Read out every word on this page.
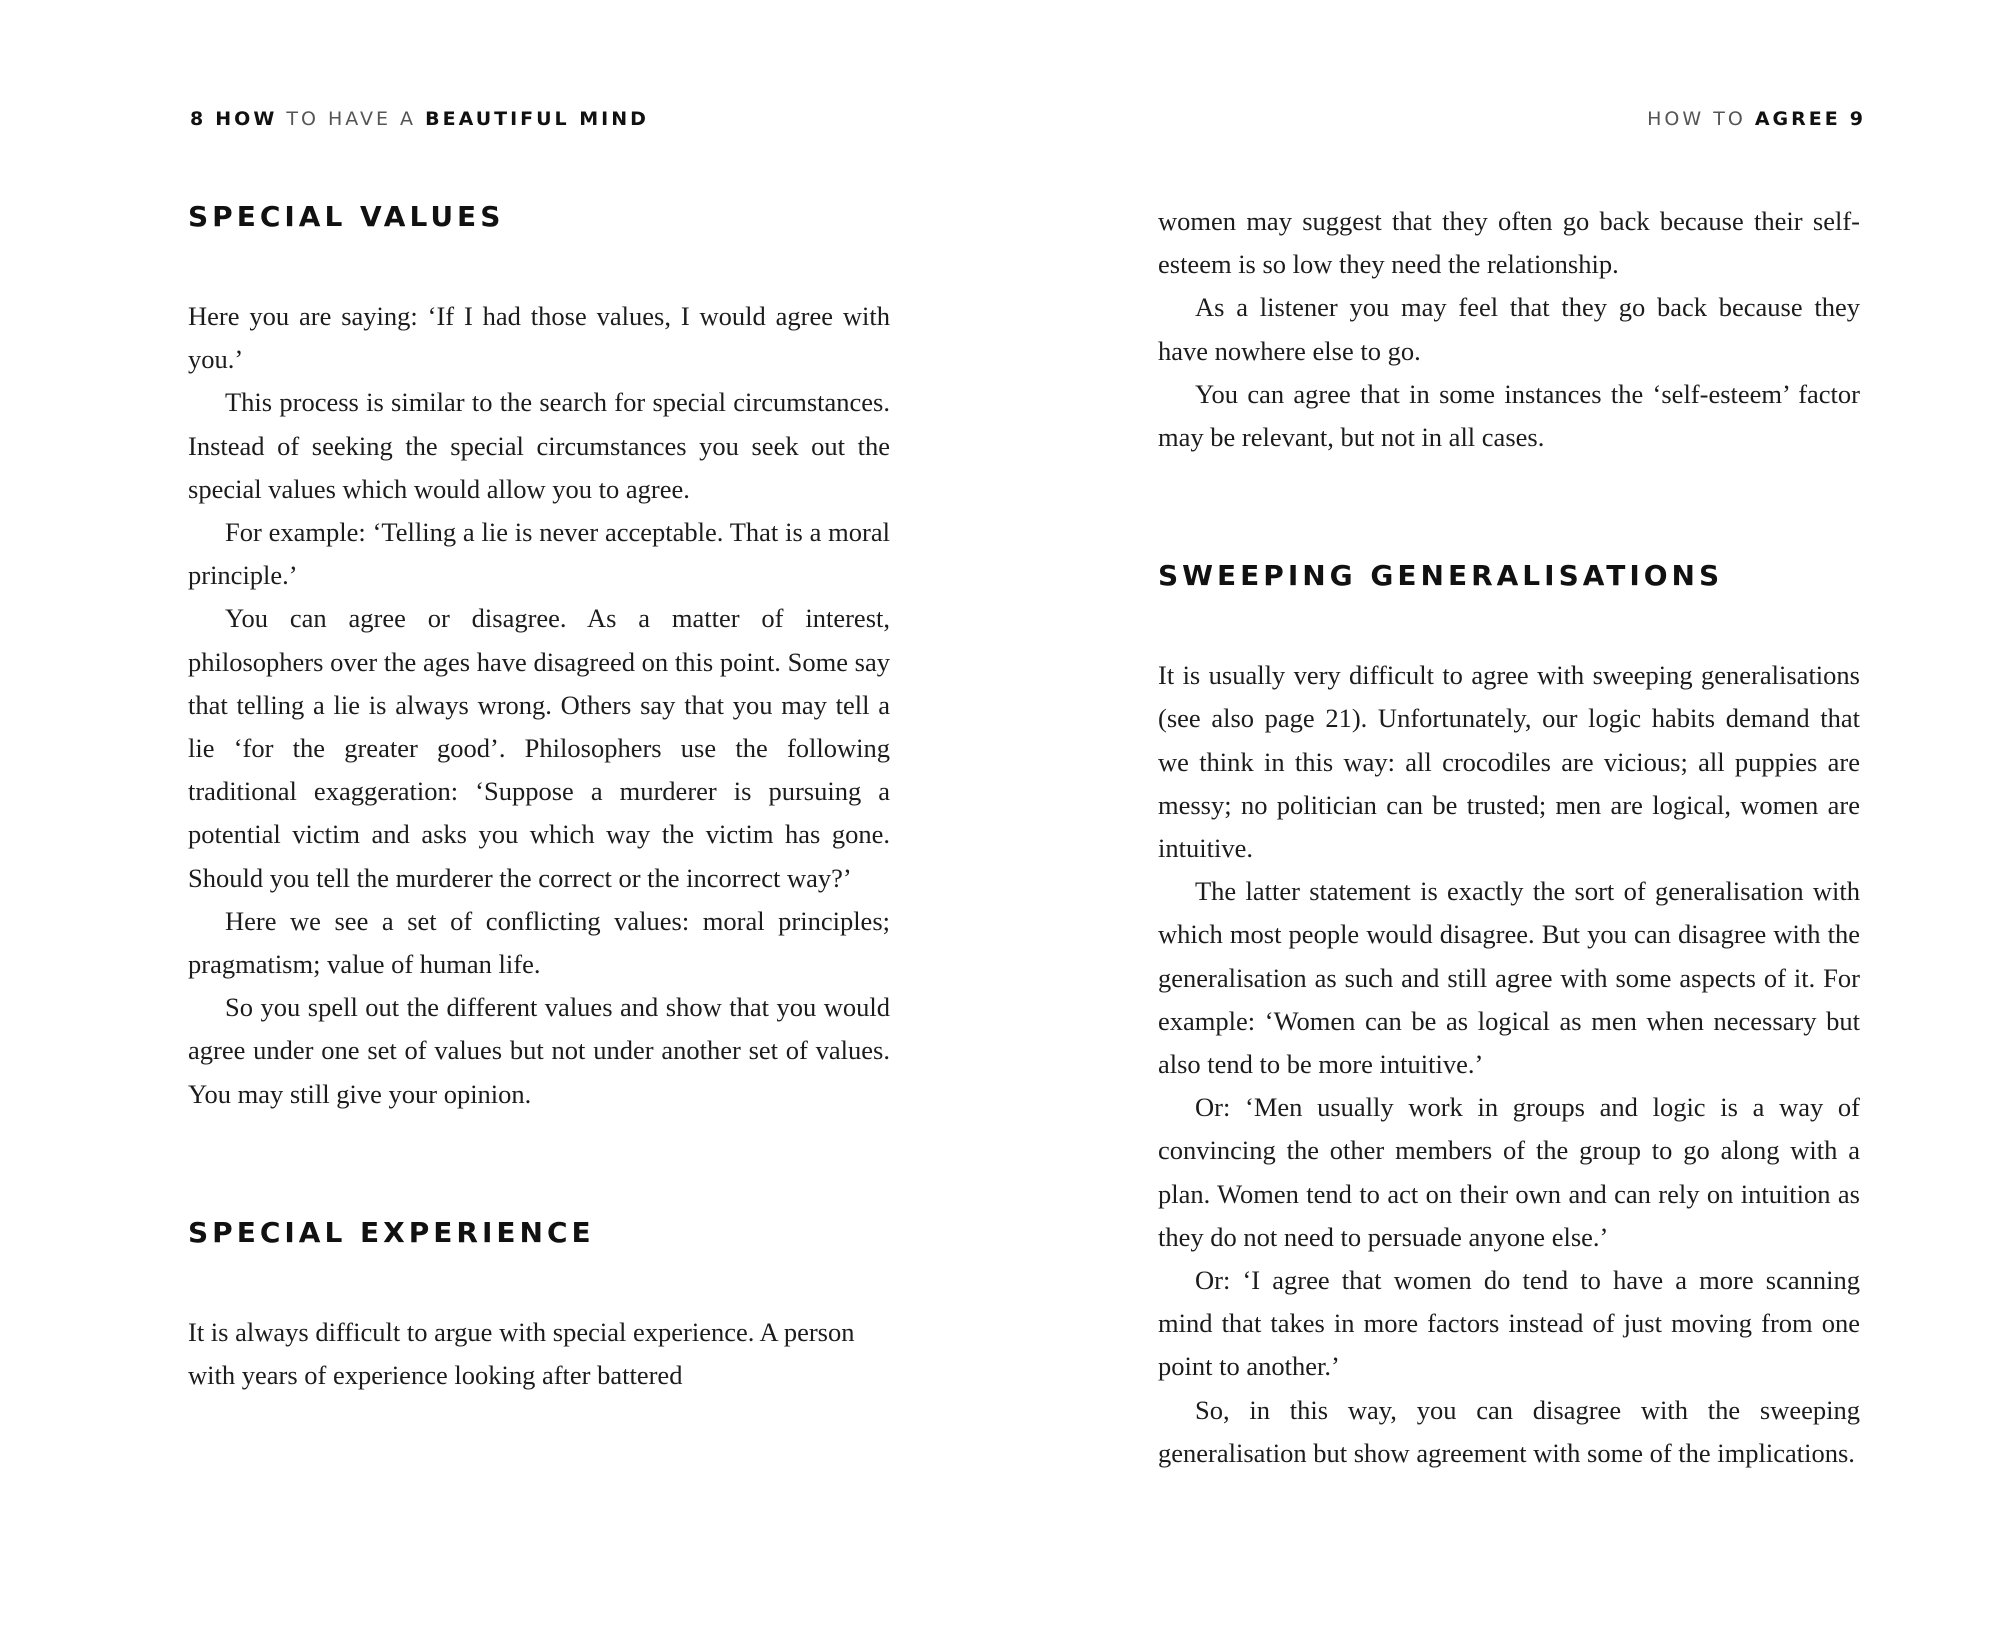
8 HOW TO HAVE A BEAUTIFUL MIND
SPECIAL VALUES

Here you are saying: ‘If I had those values, I would agree with you.’

This process is similar to the search for special circumstances. Instead of seeking the special circumstances you seek out the special values which would allow you to agree.

For example: ‘Telling a lie is never acceptable. That is a moral principle.’

You can agree or disagree. As a matter of interest, philosophers over the ages have disagreed on this point. Some say that telling a lie is always wrong. Others say that you may tell a lie ‘for the greater good’. Philosophers use the following traditional exaggeration: ‘Suppose a murderer is pursuing a potential victim and asks you which way the victim has gone. Should you tell the murderer the correct or the incorrect way?’

Here we see a set of conflicting values: moral principles; pragmatism; value of human life.

So you spell out the different values and show that you would agree under one set of values but not under another set of values. You may still give your opinion.

SPECIAL EXPERIENCE

It is always difficult to argue with special experience. A person with years of experience looking after battered

HOW TO AGREE 9

women may suggest that they often go back because their self-esteem is so low they need the relationship.

As a listener you may feel that they go back because they have nowhere else to go.

You can agree that in some instances the ‘self-esteem’ factor may be relevant, but not in all cases.

SWEEPING GENERALISATIONS

It is usually very difficult to agree with sweeping generalisations (see also page 21). Unfortunately, our logic habits demand that we think in this way: all crocodiles are vicious; all puppies are messy; no politician can be trusted; men are logical, women are intuitive.

The latter statement is exactly the sort of generalisation with which most people would disagree. But you can disagree with the generalisation as such and still agree with some aspects of it. For example: ‘Women can be as logical as men when necessary but also tend to be more intuitive.’

Or: ‘Men usually work in groups and logic is a way of convincing the other members of the group to go along with a plan. Women tend to act on their own and can rely on intuition as they do not need to persuade anyone else.’

Or: ‘I agree that women do tend to have a more scanning mind that takes in more factors instead of just moving from one point to another.’

So, in this way, you can disagree with the sweeping generalisation but show agreement with some of the implications.
